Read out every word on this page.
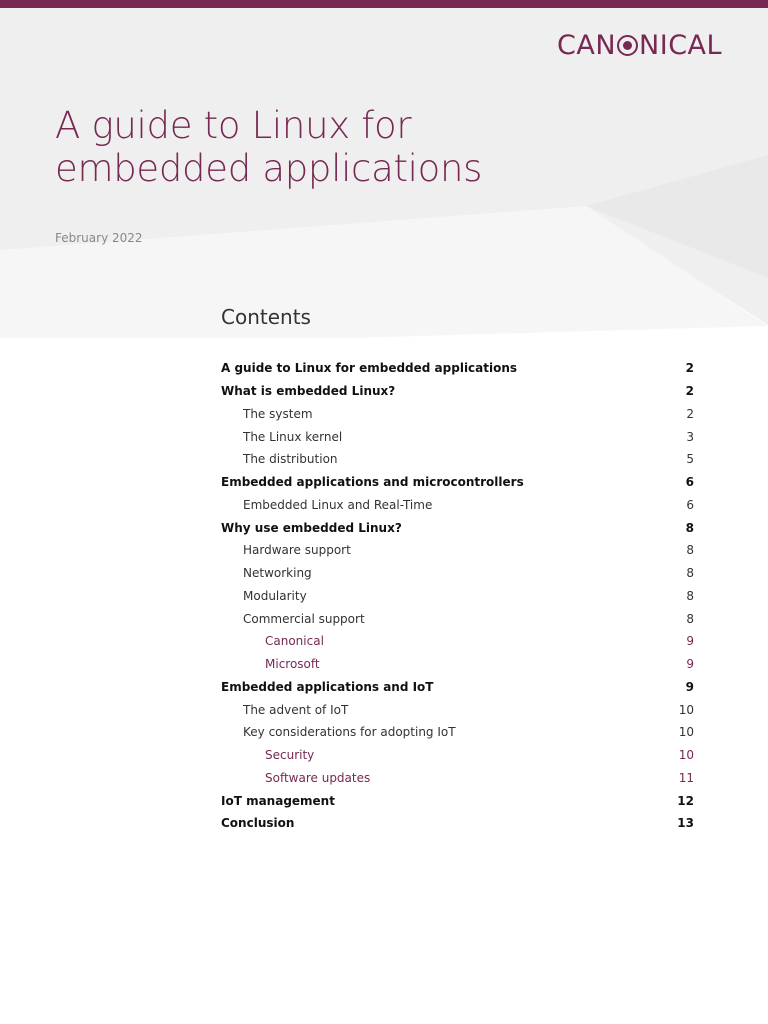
CAN NICAL
A guide to Linux for
embedded applications
February 2022
Contents
A guide to Linux for embedded applications	2
What is embedded Linux?	2
The system	2
The Linux kernel	3
The distribution	5
Embedded applications and microcontrollers	6
Embedded Linux and Real-Time	6
Why use embedded Linux?	8
Hardware support	8
Networking	8
Modularity	8
Commercial support	8
Canonical	9
Microsoft	9
Embedded applications and IoT	9
The advent of IoT	10
Key considerations for adopting IoT	10
Security	10
Software updates	11
IoT management	12
Conclusion	13
